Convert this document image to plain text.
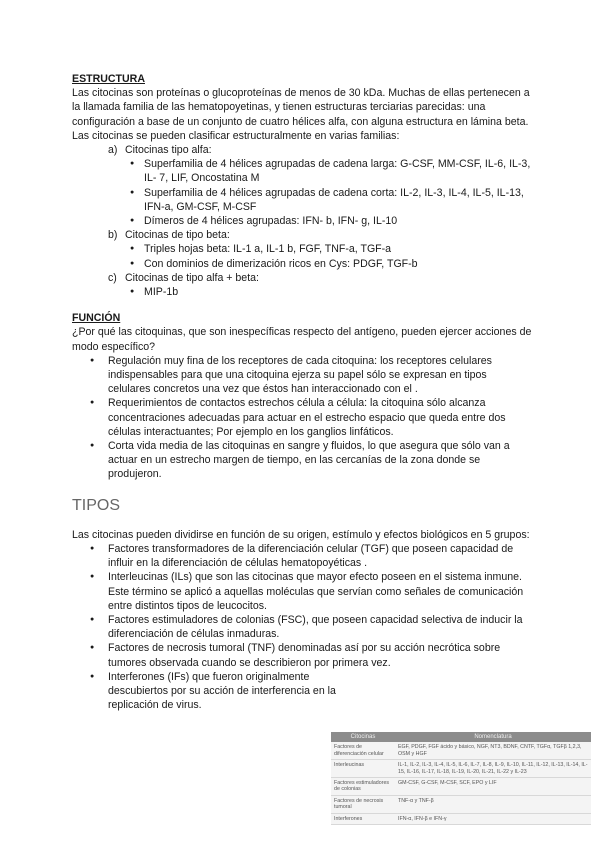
ESTRUCTURA

Las citocinas son proteínas o glucoproteínas de menos de 30 kDa. Muchas de ellas pertenecen a la llamada familia de las hematopoyetinas, y tienen estructuras terciarias parecidas: una configuración a base de un conjunto de cuatro hélices alfa, con alguna estructura en lámina beta.

Las citocinas se pueden clasificar estructuralmente en varias familias:

a) Citocinas tipo alfa:
● Superfamilia de 4 hélices agrupadas de cadena larga: G-CSF, MM-CSF, IL-6, IL-3, IL- 7, LIF, Oncostatina M
● Superfamilia de 4 hélices agrupadas de cadena corta: IL-2, IL-3, IL-4, IL-5, IL-13, IFN-a, GM-CSF, M-CSF
● Dímeros de 4 hélices agrupadas: IFN- b, IFN- g, IL-10
b) Citocinas de tipo beta:
● Triples hojas beta: IL-1 a, IL-1 b, FGF, TNF-a, TGF-a
● Con dominios de dimerización ricos en Cys: PDGF, TGF-b
c) Citocinas de tipo alfa + beta:
● MIP-1b

FUNCIÓN

¿Por qué las citoquinas, que son inespecíficas respecto del antígeno, pueden ejercer acciones de modo específico?

● Regulación muy fina de los receptores de cada citoquina: los receptores celulares indispensables para que una citoquina ejerza su papel sólo se expresan en tipos celulares concretos una vez que éstos han interaccionado con el .
● Requerimientos de contactos estrechos célula a célula: la citoquina sólo alcanza concentraciones adecuadas para actuar en el estrecho espacio que queda entre dos células interactuantes; Por ejemplo en los ganglios linfáticos.
● Corta vida media de las citoquinas en sangre y fluidos, lo que asegura que sólo van a actuar en un estrecho margen de tiempo, en las cercanías de la zona donde se produjeron.

TIPOS

Las citocinas pueden dividirse en función de su origen, estímulo y efectos biológicos en 5 grupos:

● Factores transformadores de la diferenciación celular (TGF) que poseen capacidad de influir en la diferenciación de células hematopoyéticas .
● Interleucinas (ILs) que son las citocinas que mayor efecto poseen en el sistema inmune. Este término se aplicó a aquellas moléculas que servían como señales de comunicación entre distintos tipos de leucocitos.
● Factores estimuladores de colonias (FSC), que poseen capacidad selectiva de inducir la diferenciación de células inmaduras.
● Factores de necrosis tumoral (TNF) denominadas así por su acción necrótica sobre tumores observada cuando se describieron por primera vez.
● Interferones (IFs) que fueron originalmente descubiertos por su acción de interferencia en la replicación de virus.
Citocinas	Nomenclatura
Factores de diferenciación celular	EGF, PDGF, FGF ácido y básico, NGF, NT3, BDNF, CNTF, TGFα, TGFβ 1,2,3, OSM y HGF
Interleucinas	IL-1, IL-2, IL-3, IL-4, IL-5, IL-6, IL-7, IL-8, IL-9, IL-10, IL-11, IL-12, IL-13, IL-14, IL-15, IL-16, IL-17, IL-18, IL-19, IL-20, IL-21, IL-22 y IL-23
Factores estimuladores de colonias	GM-CSF, G-CSF, M-CSF, SCF, EPO y LIF
Factores de necrosis tumoral	TNF-α y TNF-β
Interferones	IFN-α, IFN-β e IFN-γ
